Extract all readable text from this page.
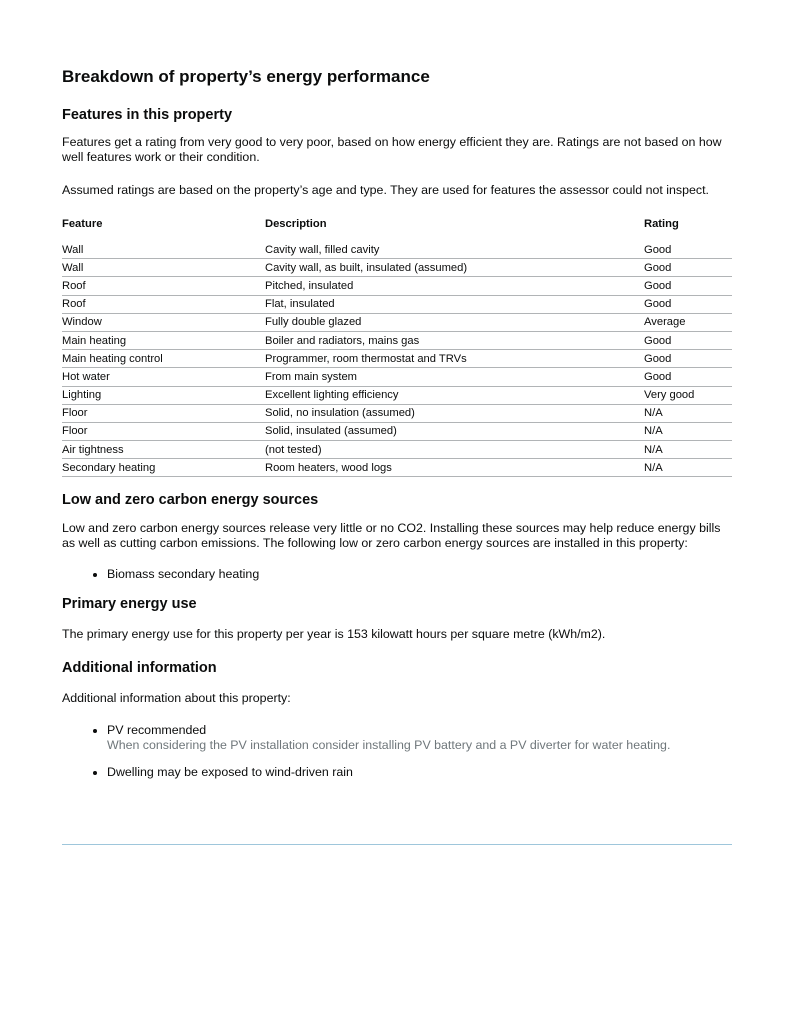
Breakdown of property’s energy performance
Features in this property

Features get a rating from very good to very poor, based on how energy efficient they are. Ratings are not based on how well features work or their condition.

Assumed ratings are based on the property’s age and type. They are used for features the assessor could not inspect.

Feature	Description	Rating
Wall	Cavity wall, filled cavity	Good
Wall	Cavity wall, as built, insulated (assumed)	Good
Roof	Pitched, insulated	Good
Roof	Flat, insulated	Good
Window	Fully double glazed	Average
Main heating	Boiler and radiators, mains gas	Good
Main heating control	Programmer, room thermostat and TRVs	Good
Hot water	From main system	Good
Lighting	Excellent lighting efficiency	Very good
Floor	Solid, no insulation (assumed)	N/A
Floor	Solid, insulated (assumed)	N/A
Air tightness	(not tested)	N/A
Secondary heating	Room heaters, wood logs	N/A
Low and zero carbon energy sources

Low and zero carbon energy sources release very little or no CO2. Installing these sources may help reduce energy bills as well as cutting carbon emissions. The following low or zero carbon energy sources are installed in this property:

• Biomass secondary heating
Primary energy use

The primary energy use for this property per year is 153 kilowatt hours per square metre (kWh/m2).

Additional information

Additional information about this property:

• PV recommended
When considering the PV installation consider installing PV battery and a PV diverter for water heating.
• Dwelling may be exposed to wind-driven rain
